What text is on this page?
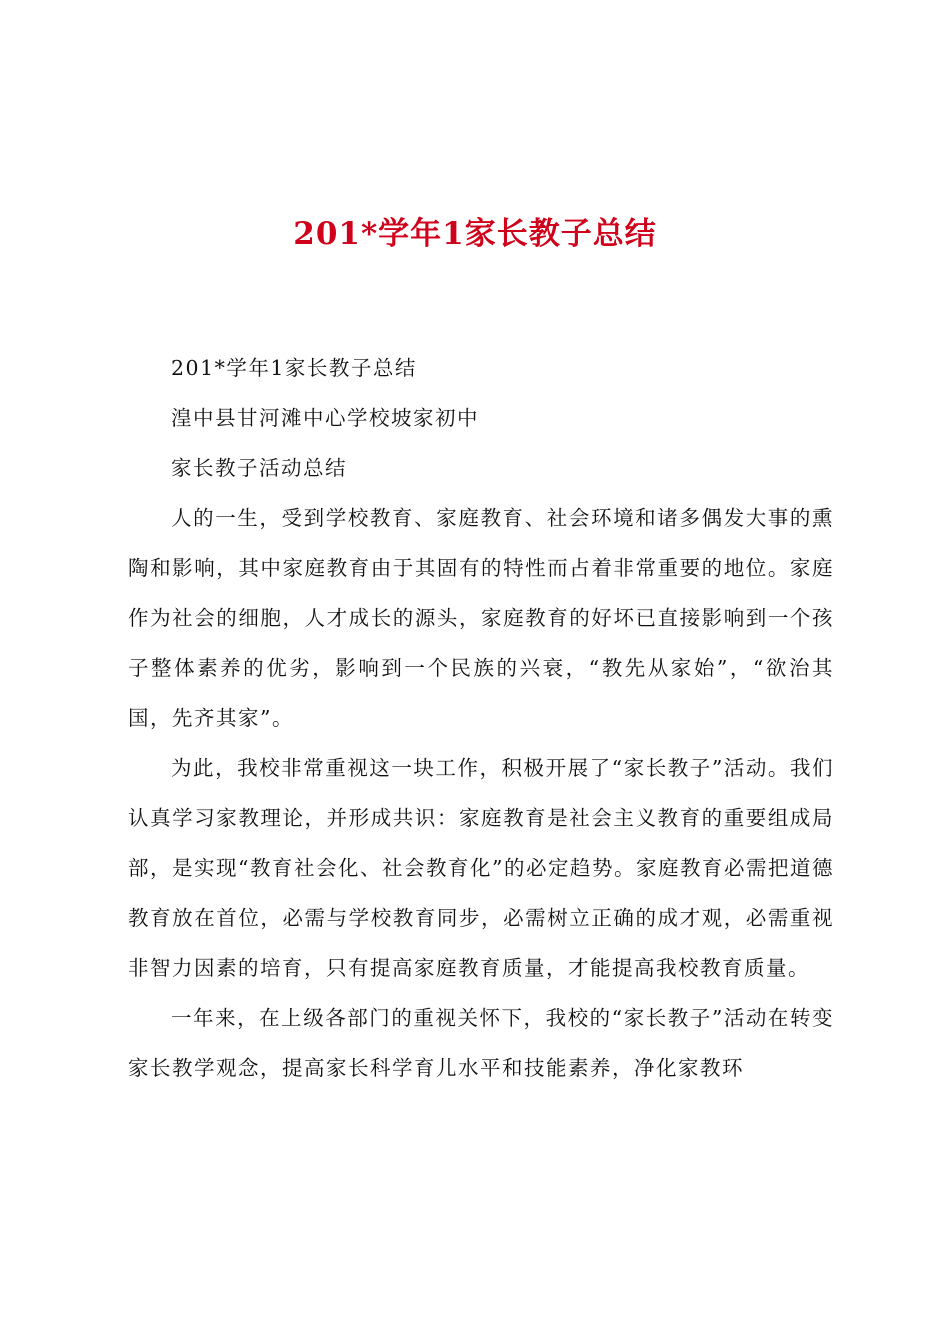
201*学年1家长教子总结

201*学年1家长教子总结

湟中县甘河滩中心学校坡家初中

家长教子活动总结

人的一生，受到学校教育、家庭教育、社会环境和诸多偶发大事的熏陶和影响，其中家庭教育由于其固有的特性而占着非常重要的地位。家庭作为社会的细胞，人才成长的源头，家庭教育的好坏已直接影响到一个孩子整体素养的优劣，影响到一个民族的兴衰，“教先从家始”，“欲治其国，先齐其家”。

为此，我校非常重视这一块工作，积极开展了“家长教子”活动。我们认真学习家教理论，并形成共识：家庭教育是社会主义教育的重要组成局部，是实现“教育社会化、社会教育化”的必定趋势。家庭教育必需把道德教育放在首位，必需与学校教育同步，必需树立正确的成才观，必需重视非智力因素的培育，只有提高家庭教育质量，才能提高我校教育质量。

一年来，在上级各部门的重视关怀下，我校的“家长教子”活动在转变家长教学观念，提高家长科学育儿水平和技能素养，净化家教环
